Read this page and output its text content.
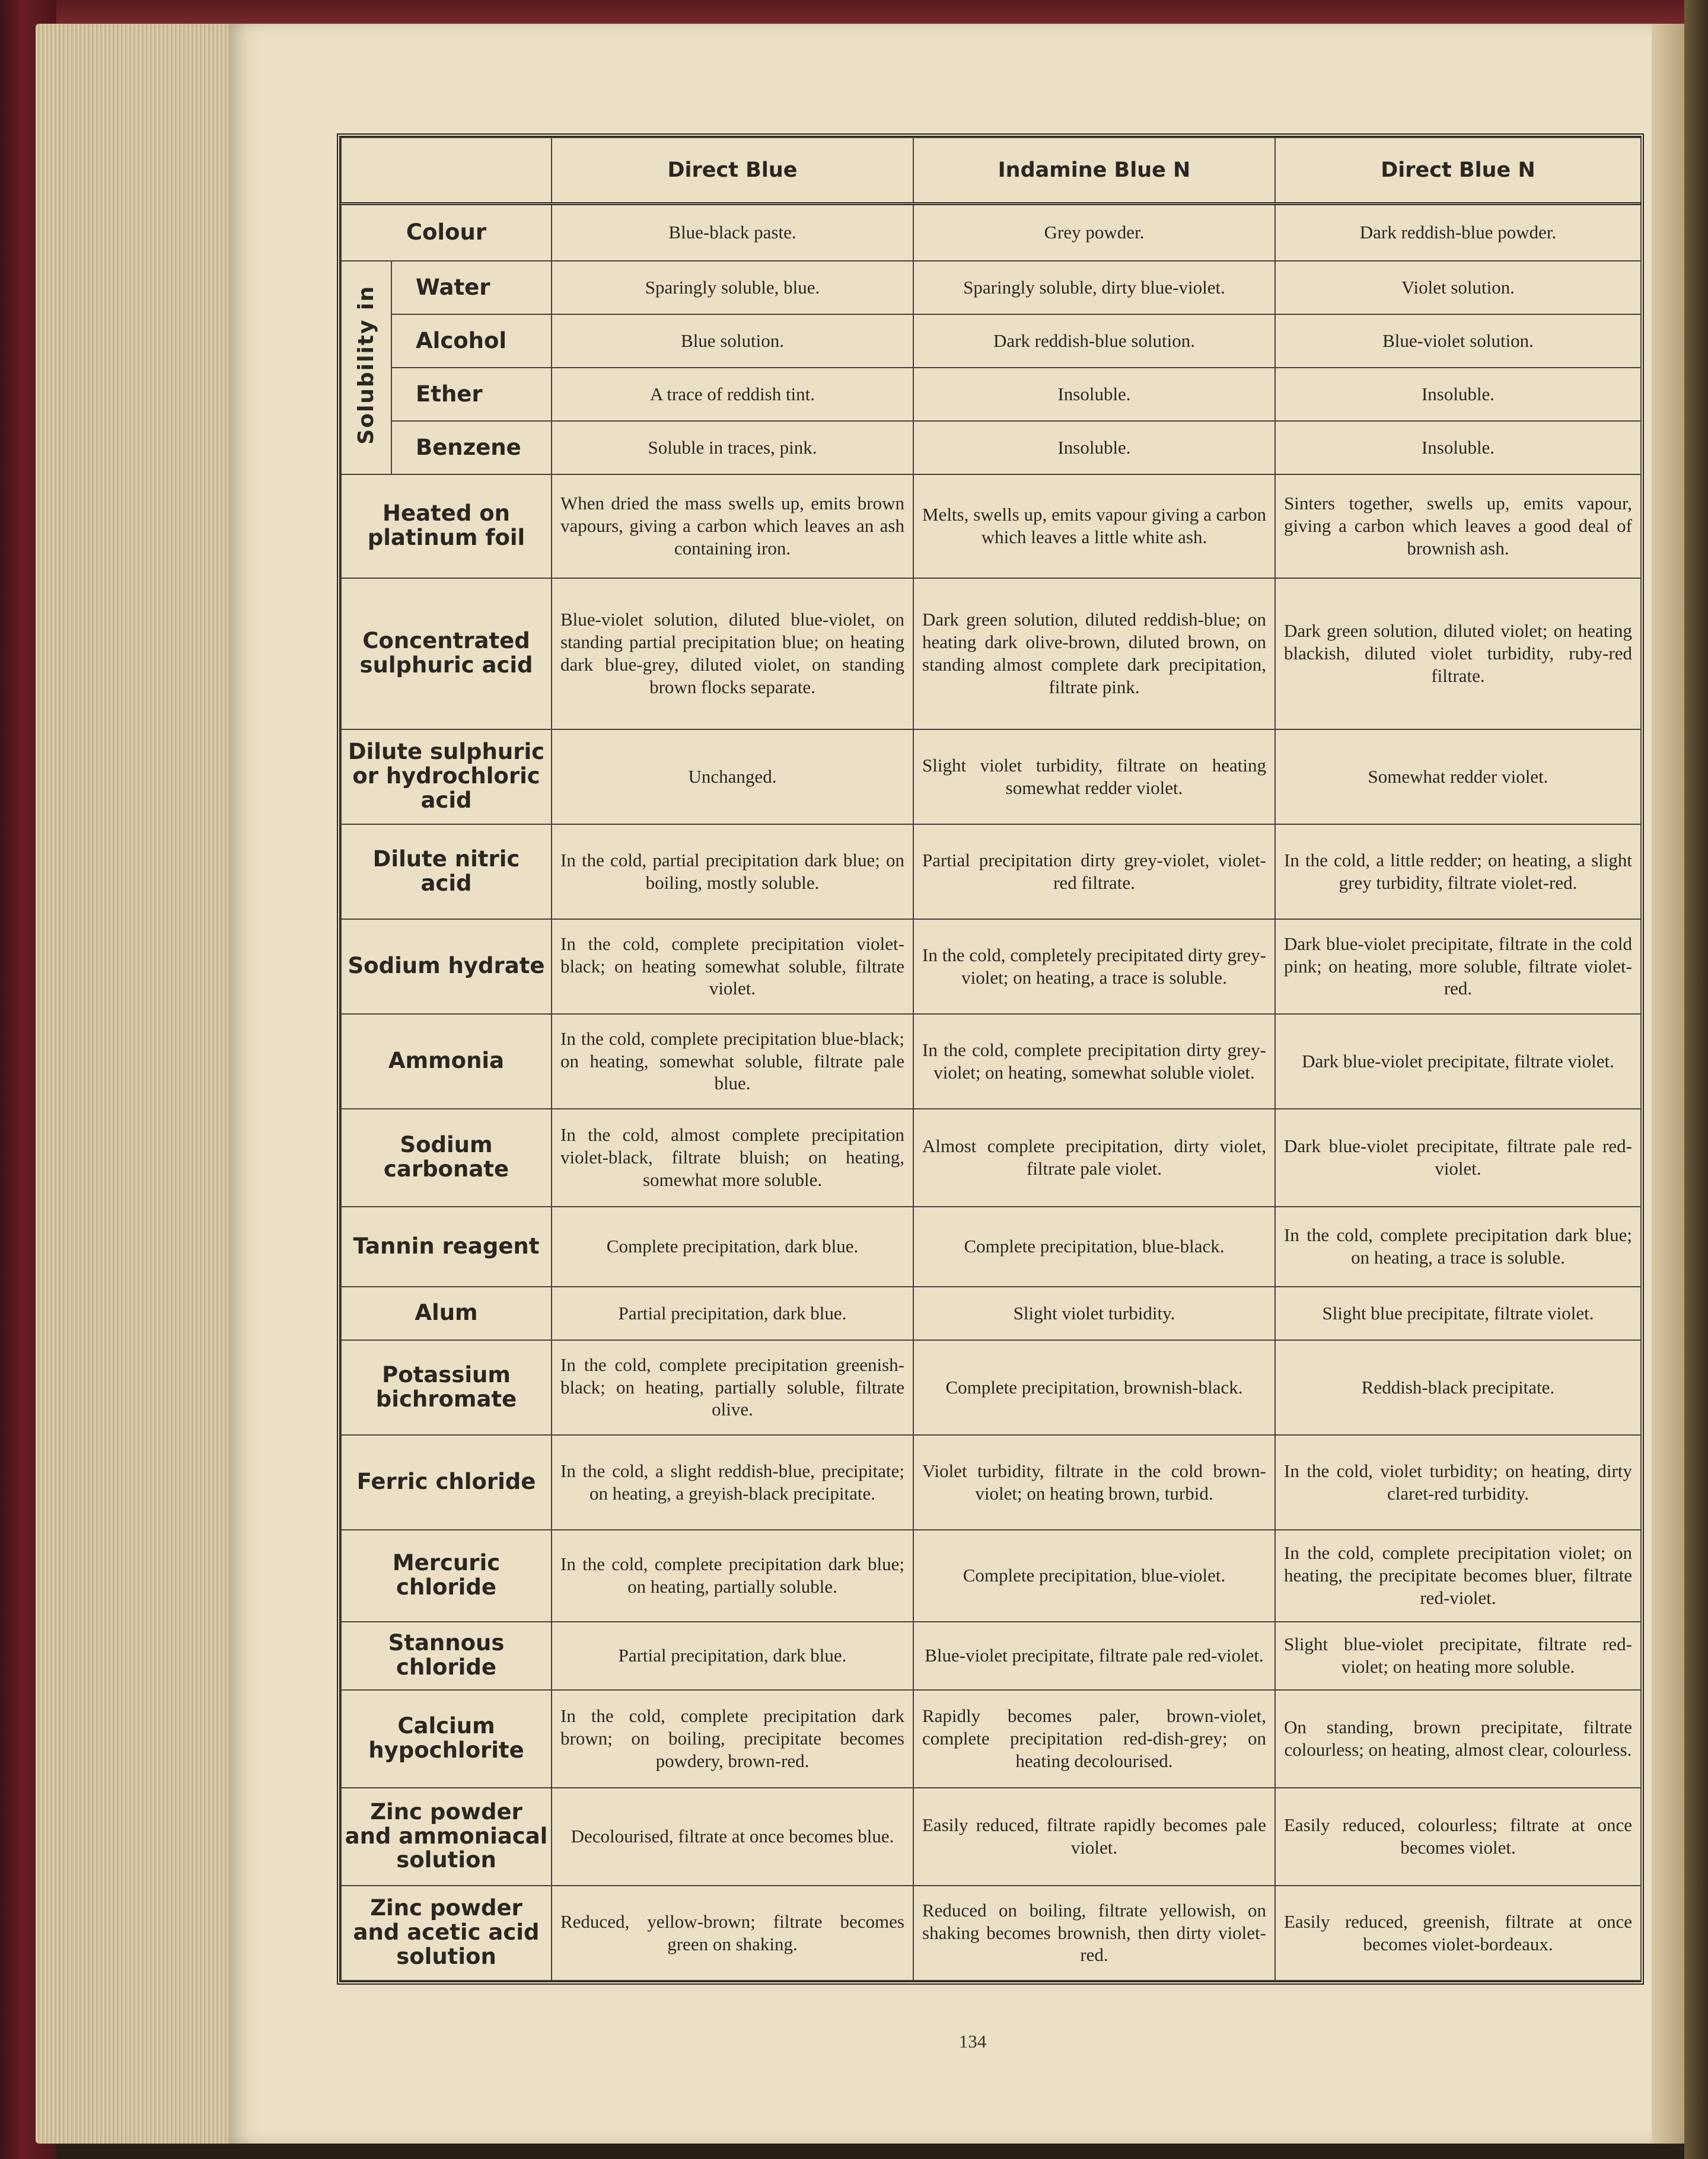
		Direct Blue	Indamine Blue N	Direct Blue N
Colour		Blue-black paste.	Grey powder.	Dark reddish-blue powder.
Solubility in	Water	Sparingly soluble, blue.	Sparingly soluble, dirty blue-violet.	Violet solution.
	Alcohol	Blue solution.	Dark reddish-blue solution.	Blue-violet solution.
	Ether	A trace of reddish tint.	Insoluble.	Insoluble.
	Benzene	Soluble in traces, pink.	Insoluble.	Insoluble.
Heated on platinum foil		When dried the mass swells up, emits brown vapours, giving a carbon which leaves an ash containing iron.	Melts, swells up, emits vapour giving a carbon which leaves a little white ash.	Sinters together, swells up, emits vapour, giving a carbon which leaves a good deal of brownish ash.
Concentrated sulphuric acid		Blue-violet solution, diluted blue-violet, on standing partial precipitation blue; on heating dark blue-grey, diluted violet, on standing brown flocks separate.	Dark green solution, diluted reddish-blue; on heating dark olive-brown, diluted brown, on standing almost complete dark precipitation, filtrate pink.	Dark green solution, diluted violet; on heating blackish, diluted violet turbidity, ruby-red filtrate.
Dilute sulphuric or hydrochloric acid		Unchanged.	Slight violet turbidity, filtrate on heating somewhat redder violet.	Somewhat redder violet.
Dilute nitric acid		In the cold, partial precipitation dark blue; on boiling, mostly soluble.	Partial precipitation dirty grey-violet, violet-red filtrate.	In the cold, a little redder; on heating, a slight grey turbidity, filtrate violet-red.
Sodium hydrate		In the cold, complete precipitation violet-black; on heating somewhat soluble, filtrate violet.	In the cold, completely precipitated dirty grey-violet; on heating, a trace is soluble.	Dark blue-violet precipitate, filtrate in the cold pink; on heating, more soluble, filtrate violet-red.
Ammonia		In the cold, complete precipitation blue-black; on heating, somewhat soluble, filtrate pale blue.	In the cold, complete precipitation dirty grey-violet; on heating, somewhat soluble violet.	Dark blue-violet precipitate, filtrate violet.
Sodium carbonate		In the cold, almost complete precipitation violet-black, filtrate bluish; on heating, somewhat more soluble.	Almost complete precipitation, dirty violet, filtrate pale violet.	Dark blue-violet precipitate, filtrate pale red-violet.
Tannin reagent		Complete precipitation, dark blue.	Complete precipitation, blue-black.	In the cold, complete precipitation dark blue; on heating, a trace is soluble.
Alum		Partial precipitation, dark blue.	Slight violet turbidity.	Slight blue precipitate, filtrate violet.
Potassium bichromate		In the cold, complete precipitation greenish-black; on heating, partially soluble, filtrate olive.	Complete precipitation, brownish-black.	Reddish-black precipitate.
Ferric chloride		In the cold, a slight reddish-blue, precipitate; on heating, a greyish-black precipitate.	Violet turbidity, filtrate in the cold brown-violet; on heating brown, turbid.	In the cold, violet turbidity; on heating, dirty claret-red turbidity.
Mercuric chloride		In the cold, complete precipitation dark blue; on heating, partially soluble.	Complete precipitation, blue-violet.	In the cold, complete precipitation violet; on heating, the precipitate becomes bluer, filtrate red-violet.
Stannous chloride		Partial precipitation, dark blue.	Blue-violet precipitate, filtrate pale red-violet.	Slight blue-violet precipitate, filtrate red-violet; on heating more soluble.
Calcium hypochlorite		In the cold, complete precipitation dark brown; on boiling, precipitate becomes powdery, brown-red.	Rapidly becomes paler, brown-violet, complete precipitation red-dish-grey; on heating decolourised.	On standing, brown precipitate, filtrate colourless; on heating, almost clear, colourless.
Zinc powder and ammoniacal solution		Decolourised, filtrate at once becomes blue.	Easily reduced, filtrate rapidly becomes pale violet.	Easily reduced, colourless; filtrate at once becomes violet.
Zinc powder and acetic acid solution		Reduced, yellow-brown; filtrate becomes green on shaking.	Reduced on boiling, filtrate yellowish, on shaking becomes brownish, then dirty violet-red.	Easily reduced, greenish, filtrate at once becomes violet-bordeaux.
134
